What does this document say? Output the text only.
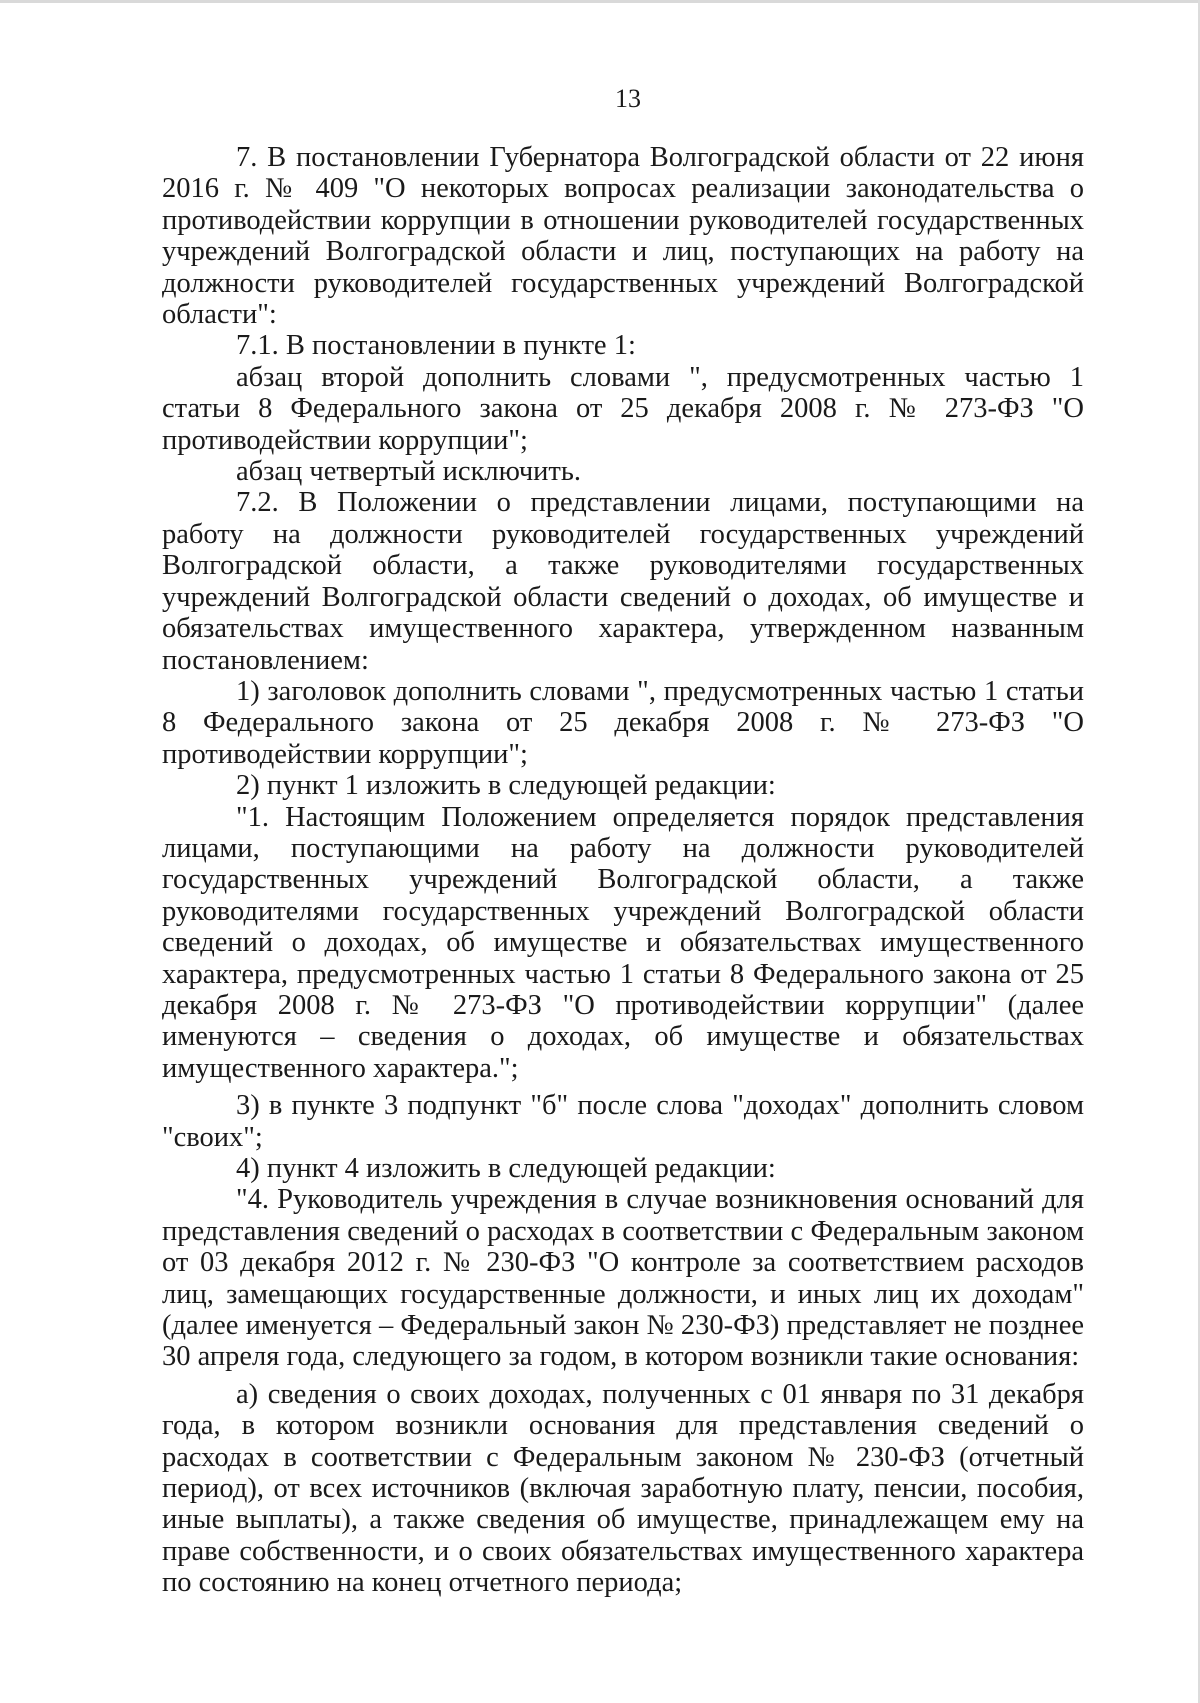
13

7. В постановлении Губернатора Волгоградской области от 22 июня 2016 г. № 409 "О некоторых вопросах реализации законодательства о противодействии коррупции в отношении руководителей государственных учреждений Волгоградской области и лиц, поступающих на работу на должности руководителей государственных учреждений Волгоградской области":

7.1. В постановлении в пункте 1:

абзац второй дополнить словами ", предусмотренных частью 1 статьи 8 Федерального закона от 25 декабря 2008 г. № 273-ФЗ "О противодействии коррупции";

абзац четвертый исключить.

7.2. В Положении о представлении лицами, поступающими на работу на должности руководителей государственных учреждений Волгоградской области, а также руководителями государственных учреждений Волгоградской области сведений о доходах, об имуществе и обязательствах имущественного характера, утвержденном названным постановлением:

1) заголовок дополнить словами ", предусмотренных частью 1 статьи 8 Федерального закона от 25 декабря 2008 г. № 273-ФЗ "О противодействии коррупции";

2) пункт 1 изложить в следующей редакции:

"1. Настоящим Положением определяется порядок представления лицами, поступающими на работу на должности руководителей государственных учреждений Волгоградской области, а также руководителями государственных учреждений Волгоградской области сведений о доходах, об имуществе и обязательствах имущественного характера, предусмотренных частью 1 статьи 8 Федерального закона от 25 декабря 2008 г. № 273-ФЗ "О противодействии коррупции" (далее именуются – сведения о доходах, об имуществе и обязательствах имущественного характера.";

3) в пункте 3 подпункт "б" после слова "доходах" дополнить словом "своих";

4) пункт 4 изложить в следующей редакции:

"4. Руководитель учреждения в случае возникновения оснований для представления сведений о расходах в соответствии с Федеральным законом от 03 декабря 2012 г. № 230-ФЗ "О контроле за соответствием расходов лиц, замещающих государственные должности, и иных лиц их доходам" (далее именуется – Федеральный закон № 230-ФЗ) представляет не позднее 30 апреля года, следующего за годом, в котором возникли такие основания:

а) сведения о своих доходах, полученных с 01 января по 31 декабря года, в котором возникли основания для представления сведений о расходах в соответствии с Федеральным законом № 230-ФЗ (отчетный период), от всех источников (включая заработную плату, пенсии, пособия, иные выплаты), а также сведения об имуществе, принадлежащем ему на праве собственности, и о своих обязательствах имущественного характера по состоянию на конец отчетного периода;
